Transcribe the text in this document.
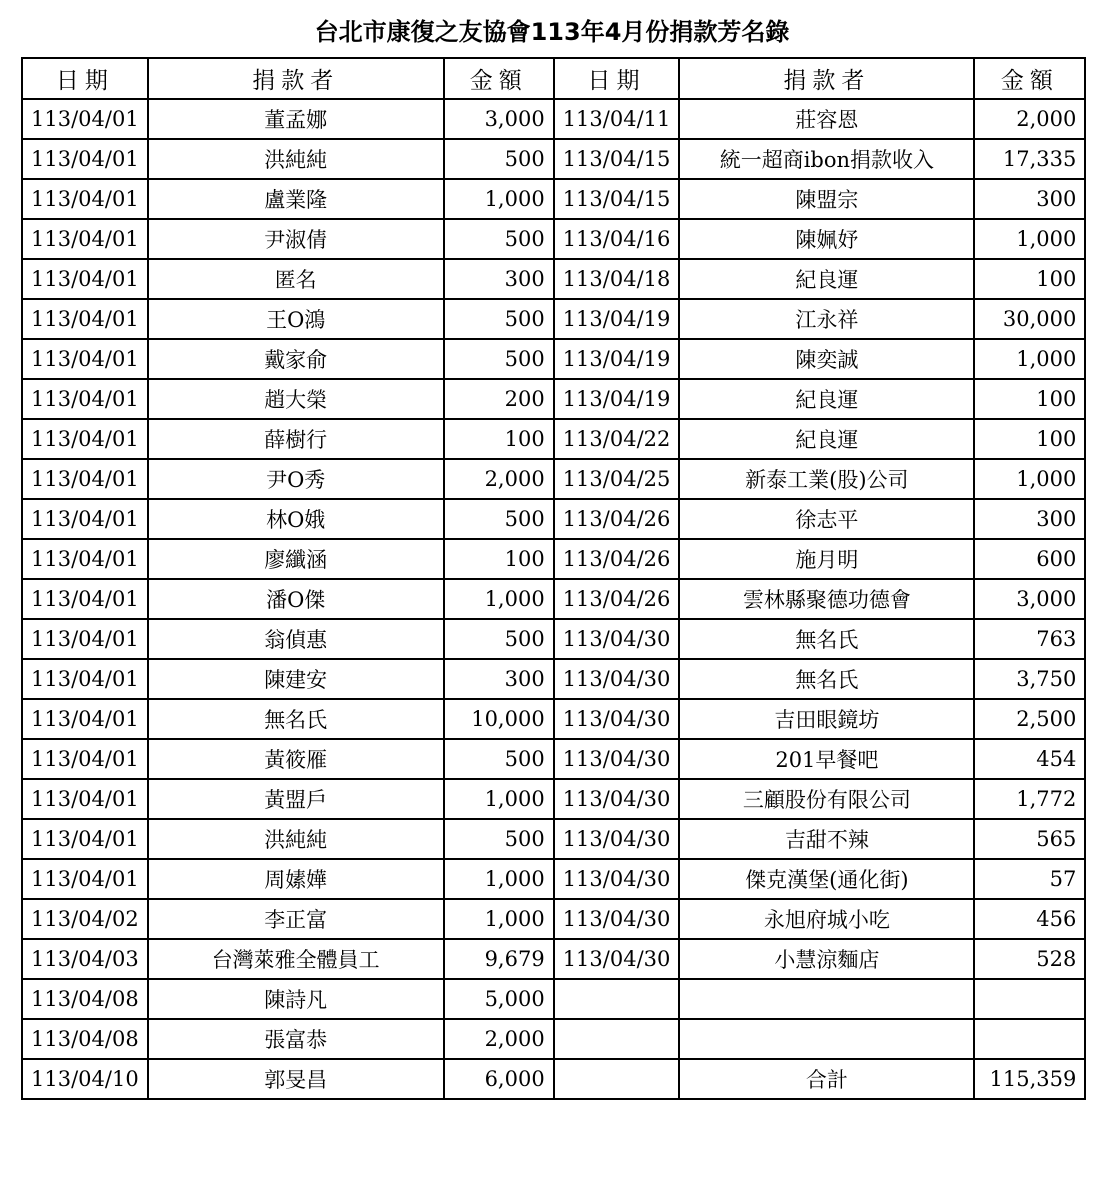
台北市康復之友協會113年4月份捐款芳名錄
日期	捐款者	金額	日期	捐款者	金額
113/04/01	董孟娜	3,000	113/04/11	莊容恩	2,000
113/04/01	洪純純	500	113/04/15	統一超商ibon捐款收入	17,335
113/04/01	盧業隆	1,000	113/04/15	陳盟宗	300
113/04/01	尹淑倩	500	113/04/16	陳姵妤	1,000
113/04/01	匿名	300	113/04/18	紀良運	100
113/04/01	王O鴻	500	113/04/19	江永祥	30,000
113/04/01	戴家俞	500	113/04/19	陳奕誠	1,000
113/04/01	趙大榮	200	113/04/19	紀良運	100
113/04/01	薛樹行	100	113/04/22	紀良運	100
113/04/01	尹O秀	2,000	113/04/25	新泰工業(股)公司	1,000
113/04/01	林O娥	500	113/04/26	徐志平	300
113/04/01	廖纖涵	100	113/04/26	施月明	600
113/04/01	潘O傑	1,000	113/04/26	雲林縣聚德功德會	3,000
113/04/01	翁偵惠	500	113/04/30	無名氏	763
113/04/01	陳建安	300	113/04/30	無名氏	3,750
113/04/01	無名氏	10,000	113/04/30	吉田眼鏡坊	2,500
113/04/01	黃筱雁	500	113/04/30	201早餐吧	454
113/04/01	黃盟戶	1,000	113/04/30	三顧股份有限公司	1,772
113/04/01	洪純純	500	113/04/30	吉甜不辣	565
113/04/01	周嫊嬅	1,000	113/04/30	傑克漢堡(通化街)	57
113/04/02	李正富	1,000	113/04/30	永旭府城小吃	456
113/04/03	台灣萊雅全體員工	9,679	113/04/30	小慧涼麵店	528
113/04/08	陳詩凡	5,000			
113/04/08	張富恭	2,000			
113/04/10	郭旻昌	6,000		合計	115,359
